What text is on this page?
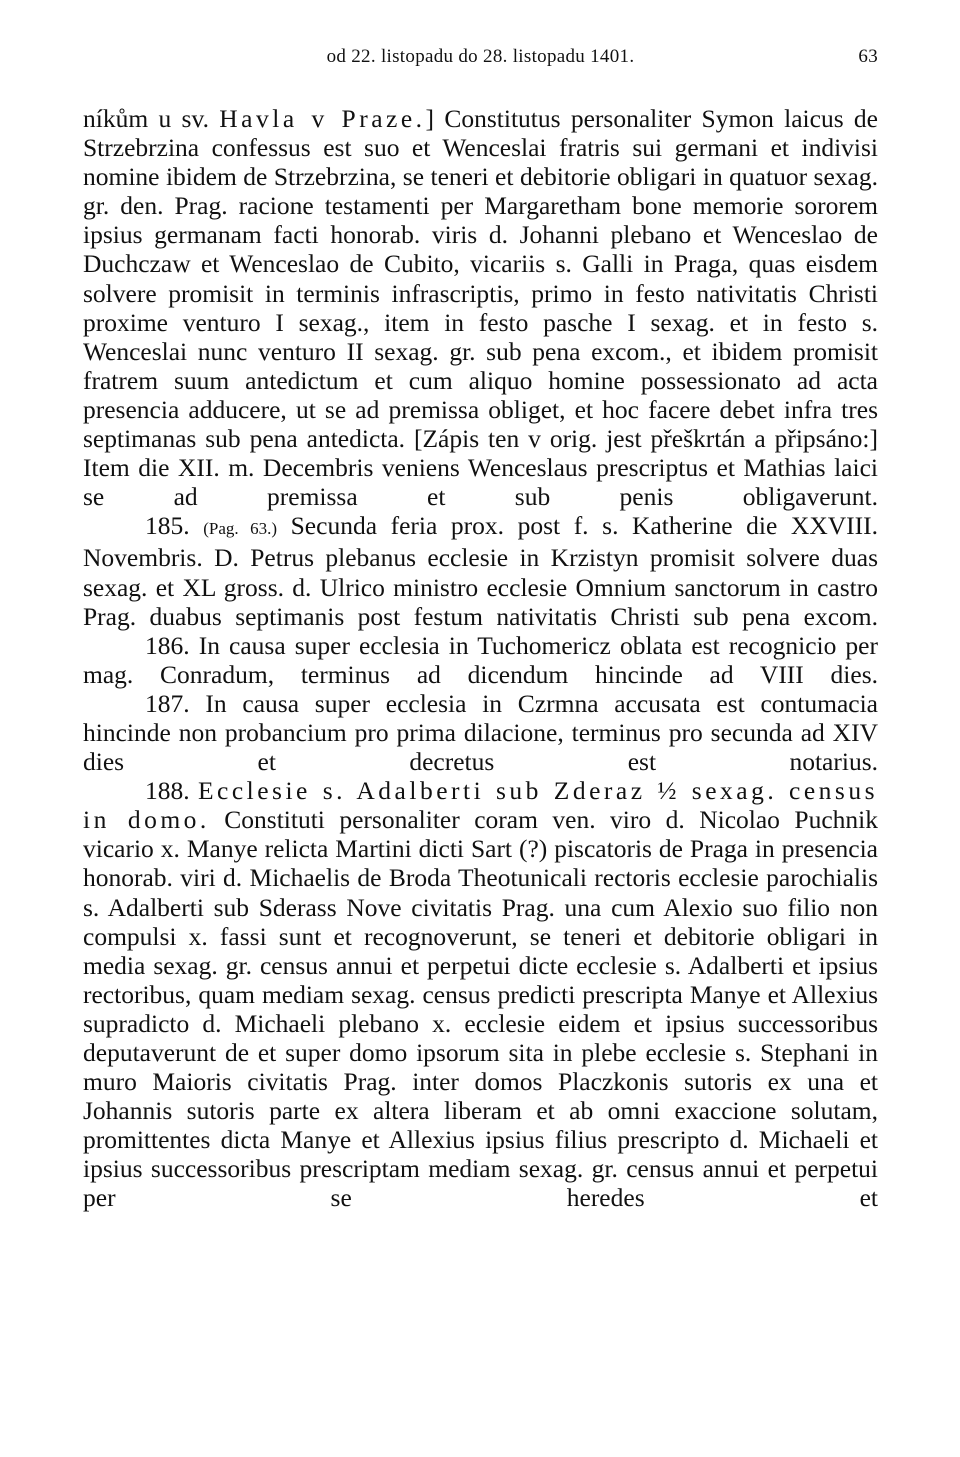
od 22. listopadu do 28. listopadu 1401.	63

níkům u sv. Havla v Praze.] Constitutus personaliter Symon laicus de Strzebrzina confessus est suo et Wenceslai fratris sui germani et indivisi nomine ibidem de Strzebrzina, se teneri et debitorie obligari in quatuor sexag. gr. den. Prag. racione testamenti per Margaretham bone memorie sororem ipsius germanam facti honorab. viris d. Johanni plebano et Wenceslao de Duchczaw et Wenceslao de Cubito, vicariis s. Galli in Praga, quas eisdem solvere promisit in terminis infrascriptis, primo in festo nativitatis Christi proxime venturo I sexag., item in festo pasche I sexag. et in festo s. Wenceslai nunc venturo II sexag. gr. sub pena excom., et ibidem promisit fratrem suum antedictum et cum aliquo homine possessionato ad acta presencia adducere, ut se ad premissa obliget, et hoc facere debet infra tres septimanas sub pena antedicta. [Zápis ten v orig. jest přeškrtán a připsáno:] Item die XII. m. Decembris veniens Wenceslaus prescriptus et Mathias laici se ad premissa et sub penis obligaverunt.

185. (Pag. 63.) Secunda feria prox. post f. s. Katherine die XXVIII. Novembris. D. Petrus plebanus ecclesie in Krzistyn promisit solvere duas sexag. et XL gross. d. Ulrico ministro ecclesie Omnium sanctorum in castro Prag. duabus septimanis post festum nativitatis Christi sub pena excom.

186. In causa super ecclesia in Tuchomericz oblata est recognicio per mag. Conradum, terminus ad dicendum hincinde ad VIII dies.

187. In causa super ecclesia in Czrmna accusata est contumacia hincinde non probancium pro prima dilacione, terminus pro secunda ad XIV dies et decretus est notarius.

188. Ecclesie s. Adalberti sub Zderaz ½ sexag. census in domo. Constituti personaliter coram ven. viro d. Nicolao Puchnik vicario x. Manye relicta Martini dicti Sart (?) piscatoris de Praga in presencia honorab. viri d. Michaelis de Broda Theotunicali rectoris ecclesie parochialis s. Adalberti sub Sderass Nove civitatis Prag. una cum Alexio suo filio non compulsi x. fassi sunt et recognoverunt, se teneri et debitorie obligari in media sexag. gr. census annui et perpetui dicte ecclesie s. Adalberti et ipsius rectoribus, quam mediam sexag. census predicti prescripta Manye et Allexius supradicto d. Michaeli plebano x. ecclesie eidem et ipsius successoribus deputaverunt de et super domo ipsorum sita in plebe ecclesie s. Stephani in muro Maioris civitatis Prag. inter domos Placzkonis sutoris ex una et Johannis sutoris parte ex altera liberam et ab omni exaccione solutam, promittentes dicta Manye et Allexius ipsius filius prescripto d. Michaeli et ipsius successoribus prescriptam mediam sexag. gr. census annui et perpetui per se heredes et
